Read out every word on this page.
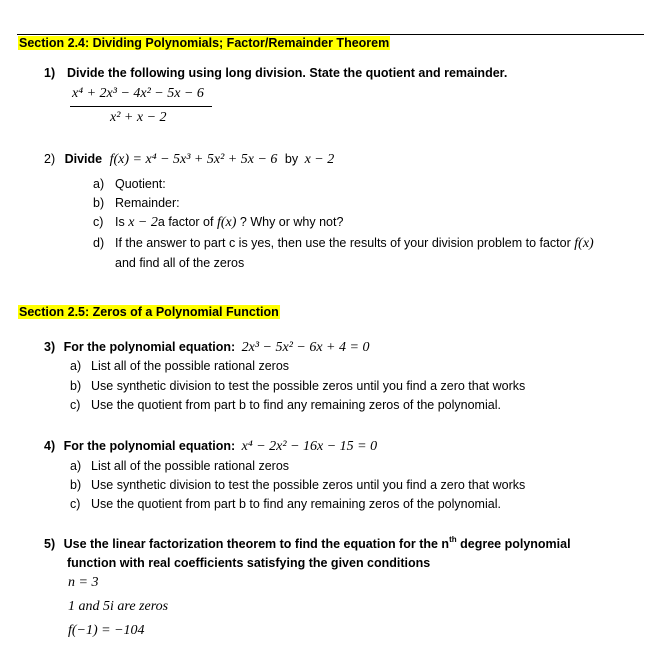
Section 2.4: Dividing Polynomials; Factor/Remainder Theorem
1) Divide the following using long division. State the quotient and remainder.
x⁴ + 2x³ − 4x² − 5x − 6
x² + x − 2
2) Divide f(x) = x⁴ − 5x³ + 5x² + 5x − 6 by x − 2
a) Quotient:
b) Remainder:
c) Is x − 2a factor of f(x) ? Why or why not?
d) If the answer to part c is yes, then use the results of your division problem to factor f(x)
and find all of the zeros
Section 2.5: Zeros of a Polynomial Function
3) For the polynomial equation: 2x³ − 5x² − 6x + 4 = 0
a) List all of the possible rational zeros
b) Use synthetic division to test the possible zeros until you find a zero that works
c) Use the quotient from part b to find any remaining zeros of the polynomial.
4) For the polynomial equation: x⁴ − 2x² − 16x − 15 = 0
a) List all of the possible rational zeros
b) Use synthetic division to test the possible zeros until you find a zero that works
c) Use the quotient from part b to find any remaining zeros of the polynomial.
5) Use the linear factorization theorem to find the equation for the $n^{th}$ degree polynomial
function with real coefficients satisfying the given conditions
n = 3
1 and 5i are zeros
f(−1) = −104
